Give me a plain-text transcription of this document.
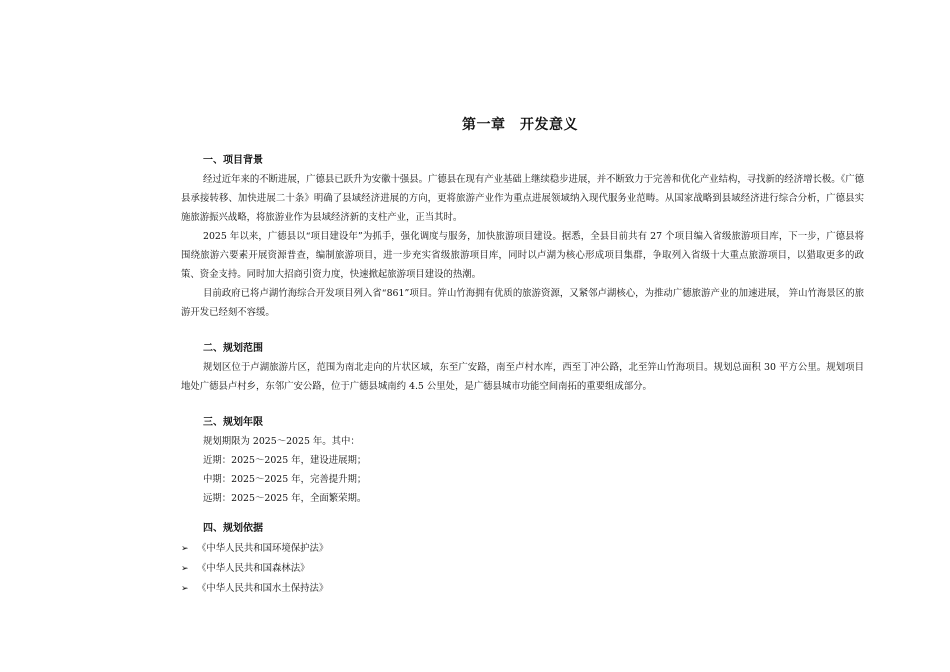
第一章　开发意义
一、项目背景

经过近年来的不断进展，广德县已跃升为安徽十强县。广德县在现有产业基础上继续稳步进展，并不断致力于完善和优化产业结构，寻找新的经济增长极。《广德县承接转移、加快进展二十条》明确了县域经济进展的方向，更将旅游产业作为重点进展领域纳入现代服务业范畴。从国家战略到县域经济进行综合分析，广德县实施旅游振兴战略，将旅游业作为县域经济新的支柱产业，正当其时。

2025 年以来，广德县以“项目建设年”为抓手，强化调度与服务，加快旅游项目建设。据悉，全县目前共有 27 个项目编入省级旅游项目库，下一步，广德县将围绕旅游六要素开展资源普查，编制旅游项目，进一步充实省级旅游项目库，同时以卢湖为核心形成项目集群，争取列入省级十大重点旅游项目，以猎取更多的政策、资金支持。同时加大招商引资力度，快速掀起旅游项目建设的热潮。

目前政府已将卢湖竹海综合开发项目列入省“861”项目。笄山竹海拥有优质的旅游资源，又紧邻卢湖核心，为推动广德旅游产业的加速进展， 笄山竹海景区的旅游开发已经刻不容缓。

二、规划范围

规划区位于卢湖旅游片区，范围为南北走向的片状区域，东至广安路，南至卢村水库，西至丁冲公路，北至笄山竹海项目。规划总面积 30 平方公里。规划项目地处广德县卢村乡，东邻广安公路，位于广德县城南约 4.5 公里处，是广德县城市功能空间南拓的重要组成部分。

三、规划年限
规划期限为 2025～2025 年。其中：
近期：2025～2025 年，建设进展期；
中期：2025～2025 年，完善提升期；
远期：2025～2025 年，全面繁荣期。
四、规划依据
➢ 《中华人民共和国环境保护法》
➢ 《中华人民共和国森林法》
➢ 《中华人民共和国水土保持法》
